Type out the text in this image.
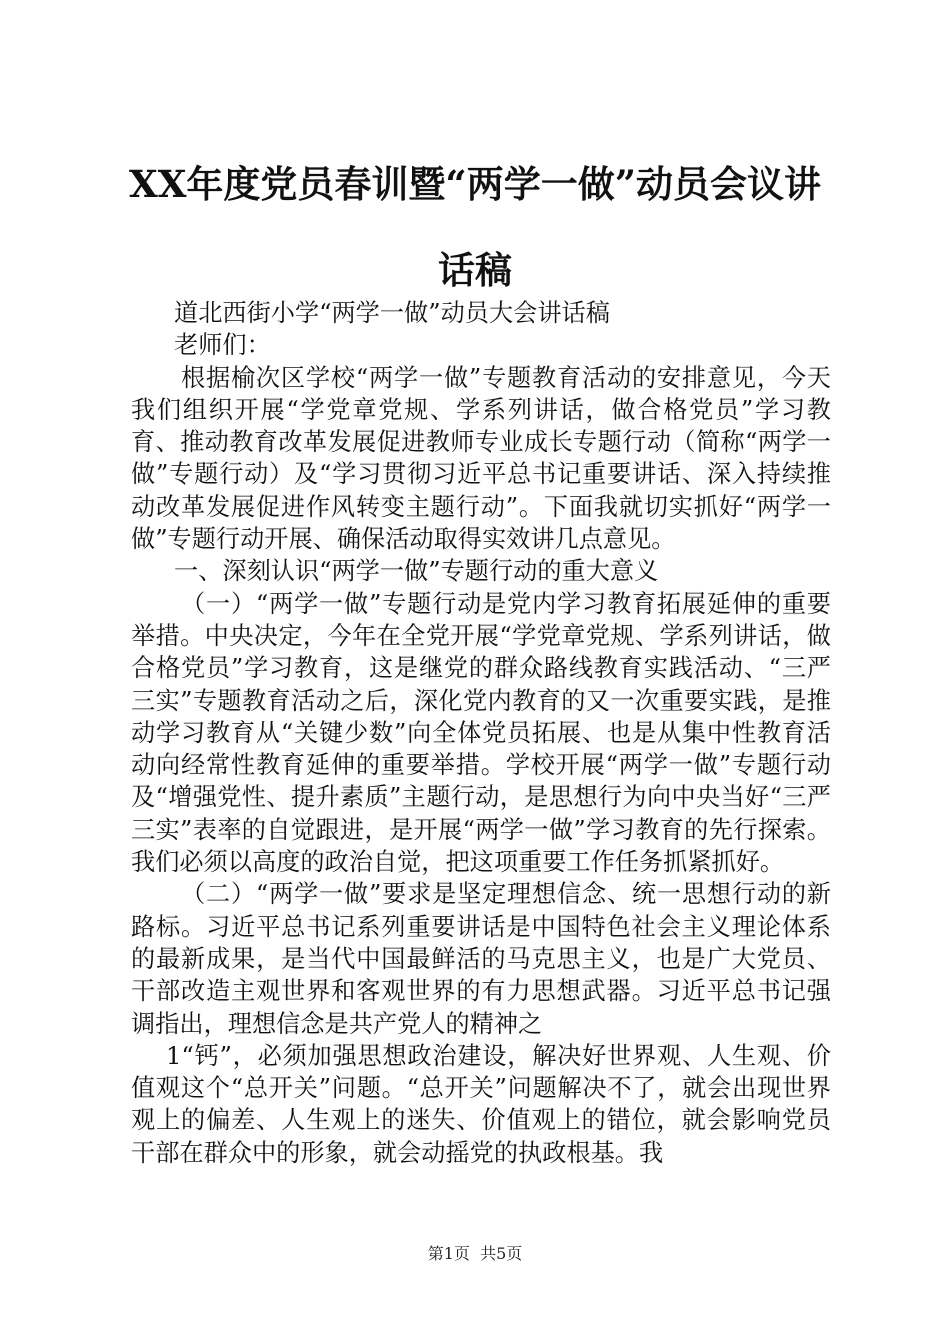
XX年度党员春训暨“两学一做”动员会议讲
话稿

道北西街小学“两学一做”动员大会讲话稿

老师们：

根据榆次区学校“两学一做”专题教育活动的安排意见，今天我们组织开展“学党章党规、学系列讲话，做合格党员”学习教育、推动教育改革发展促进教师专业成长专题行动（简称“两学一做”专题行动）及“学习贯彻习近平总书记重要讲话、深入持续推动改革发展促进作风转变主题行动”。下面我就切实抓好“两学一做”专题行动开展、确保活动取得实效讲几点意见。

一、深刻认识“两学一做”专题行动的重大意义

（一）“两学一做”专题行动是党内学习教育拓展延伸的重要举措。中央决定，今年在全党开展“学党章党规、学系列讲话，做合格党员”学习教育，这是继党的群众路线教育实践活动、“三严三实”专题教育活动之后，深化党内教育的又一次重要实践，是推动学习教育从“关键少数”向全体党员拓展、也是从集中性教育活动向经常性教育延伸的重要举措。学校开展“两学一做”专题行动及“增强党性、提升素质”主题行动，是思想行为向中央当好“三严三实”表率的自觉跟进，是开展“两学一做”学习教育的先行探索。我们必须以高度的政治自觉，把这项重要工作任务抓紧抓好。

（二）“两学一做”要求是坚定理想信念、统一思想行动的新路标。习近平总书记系列重要讲话是中国特色社会主义理论体系的最新成果，是当代中国最鲜活的马克思主义，也是广大党员、干部改造主观世界和客观世界的有力思想武器。习近平总书记强调指出，理想信念是共产党人的精神之

1“钙”，必须加强思想政治建设，解决好世界观、人生观、价值观这个“总开关”问题。“总开关”问题解决不了，就会出现世界观上的偏差、人生观上的迷失、价值观上的错位，就会影响党员干部在群众中的形象，就会动摇党的执政根基。我

第1页  共5页
